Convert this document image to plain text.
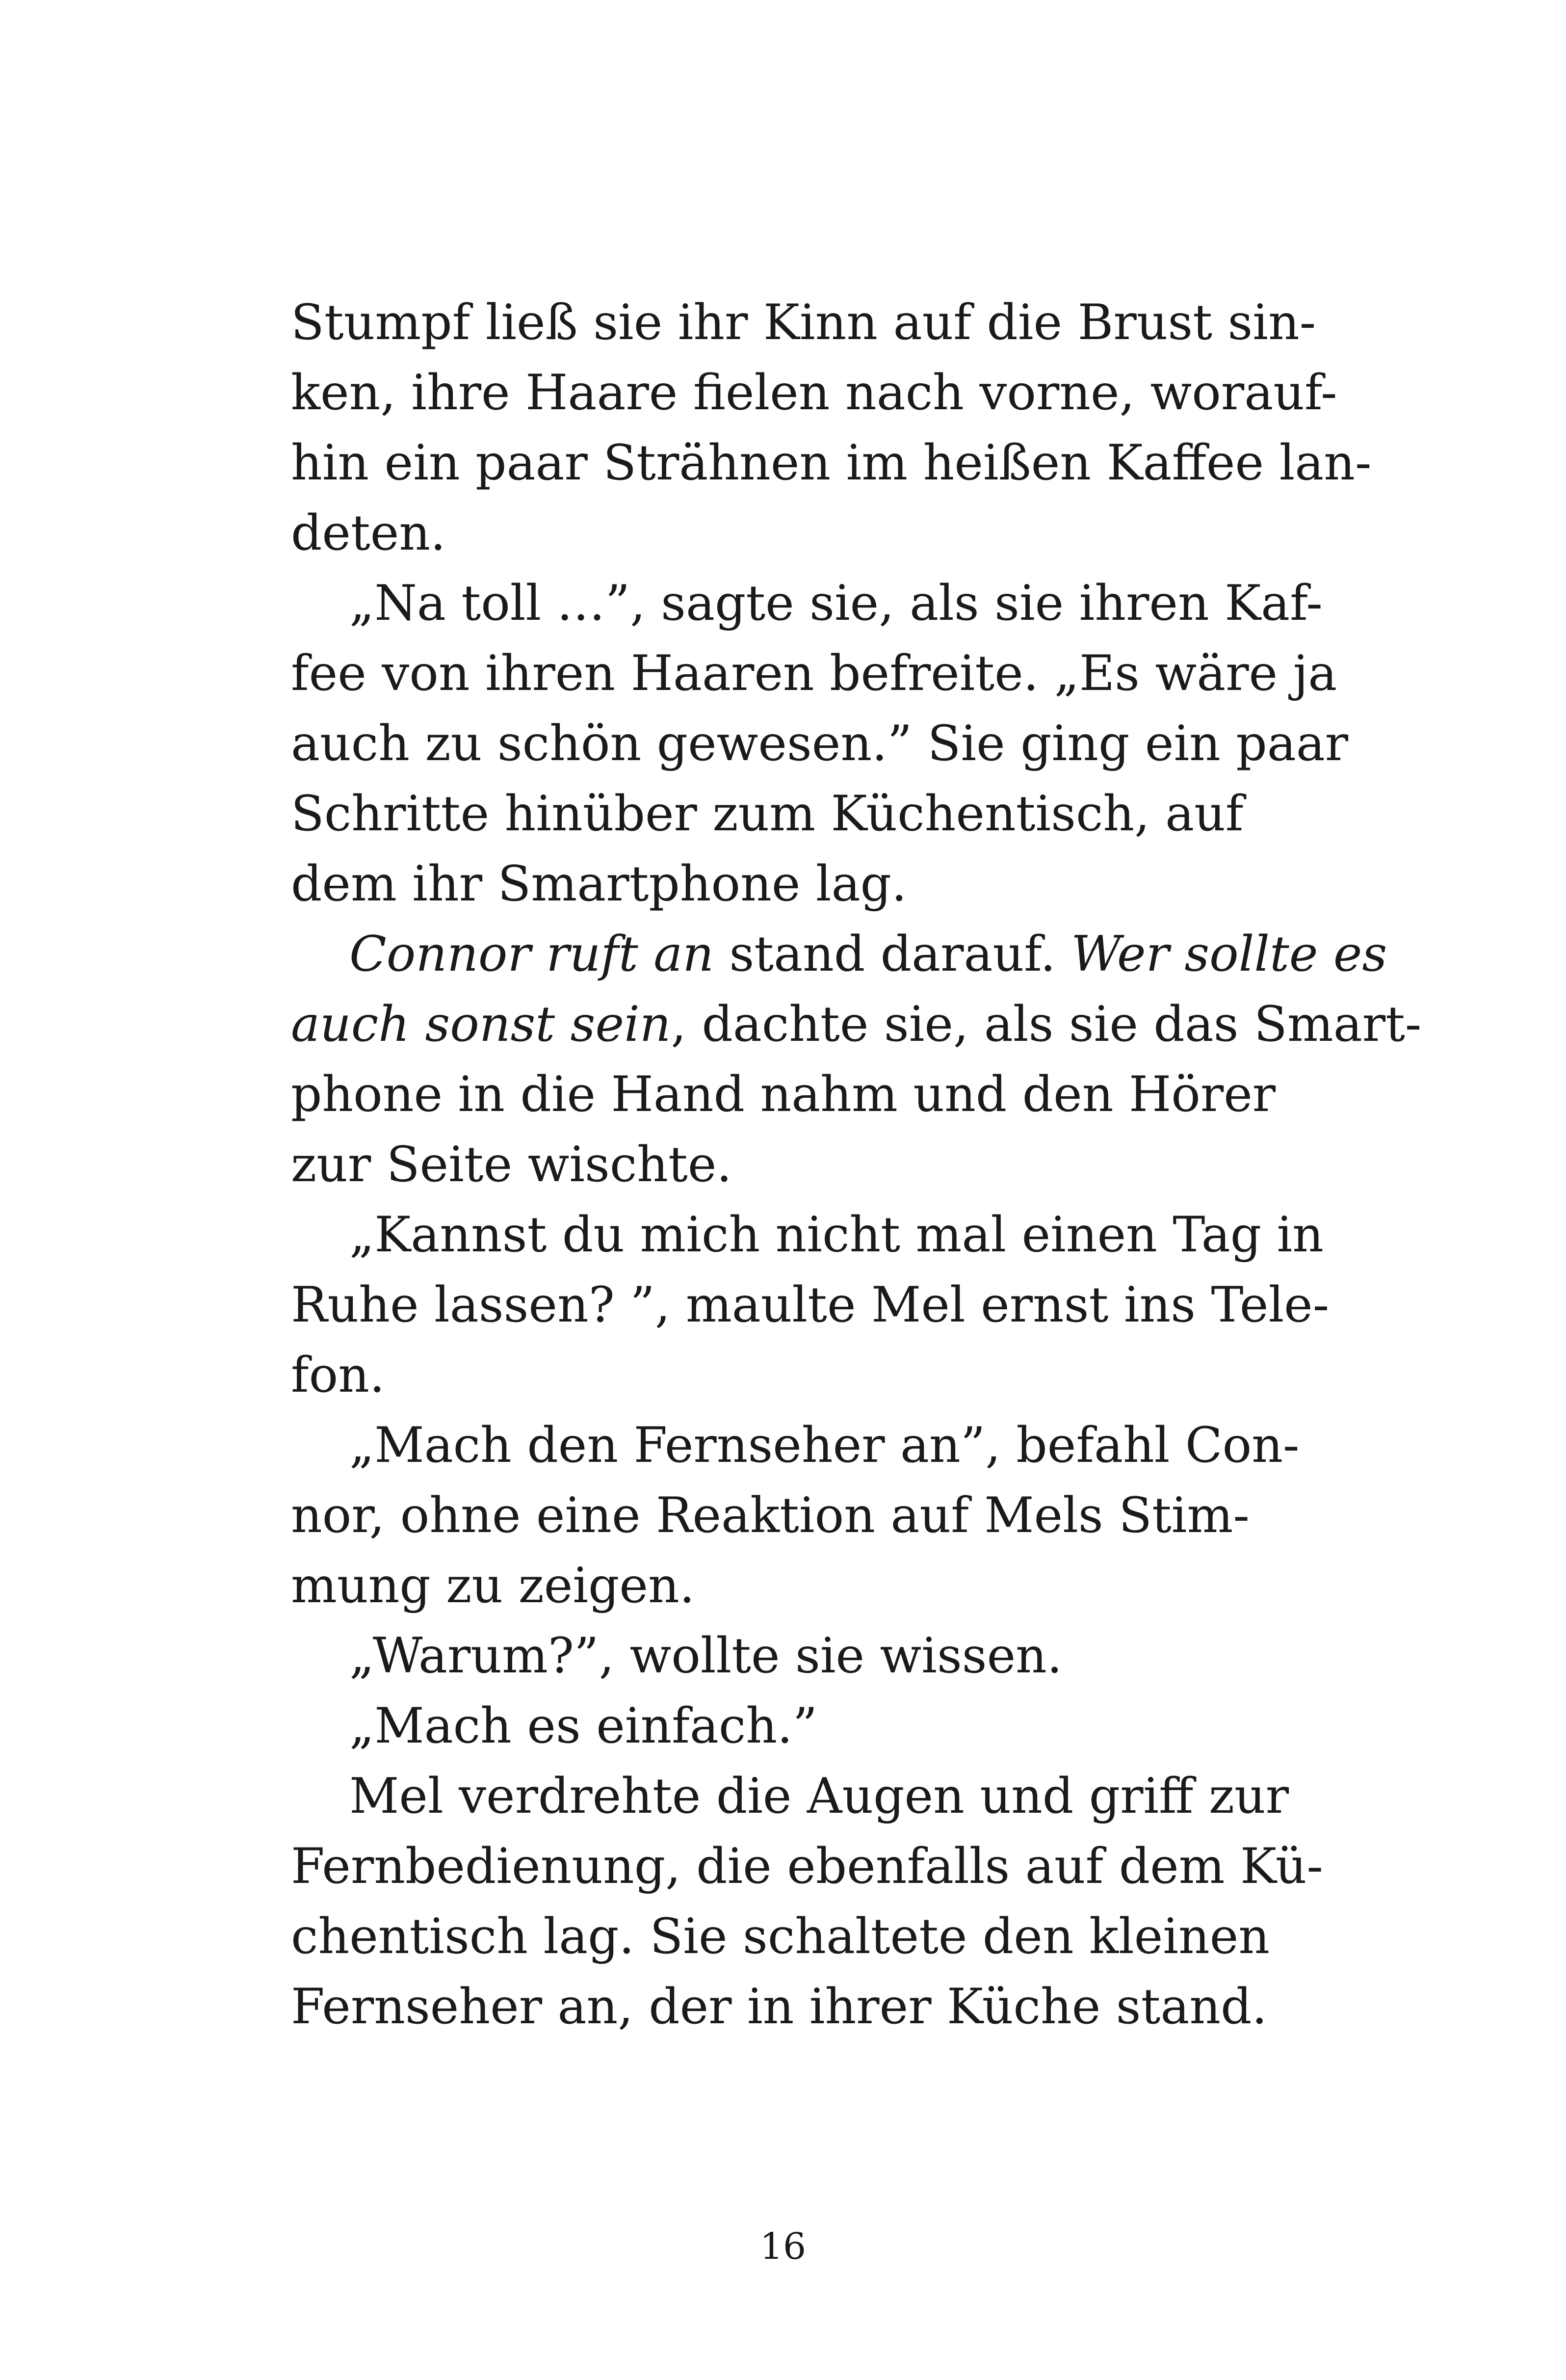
Stumpf ließ sie ihr Kinn auf die Brust sin-
ken, ihre Haare fielen nach vorne, worauf-
hin ein paar Strähnen im heißen Kaffee lan-
deten.
„Na toll …”, sagte sie, als sie ihren Kaf-
fee von ihren Haaren befreite. „Es wäre ja
auch zu schön gewesen.” Sie ging ein paar
Schritte hinüber zum Küchentisch, auf
dem ihr Smartphone lag.
Connor ruft an stand darauf. Wer sollte es
auch sonst sein, dachte sie, als sie das Smart-
phone in die Hand nahm und den Hörer
zur Seite wischte.
„Kannst du mich nicht mal einen Tag in
Ruhe lassen? ”, maulte Mel ernst ins Tele-
fon.
„Mach den Fernseher an”, befahl Con-
nor, ohne eine Reaktion auf Mels Stim-
mung zu zeigen.
„Warum?”, wollte sie wissen.
„Mach es einfach.”
Mel verdrehte die Augen und griff zur
Fernbedienung, die ebenfalls auf dem Kü-
chentisch lag. Sie schaltete den kleinen
Fernseher an, der in ihrer Küche stand.
16
